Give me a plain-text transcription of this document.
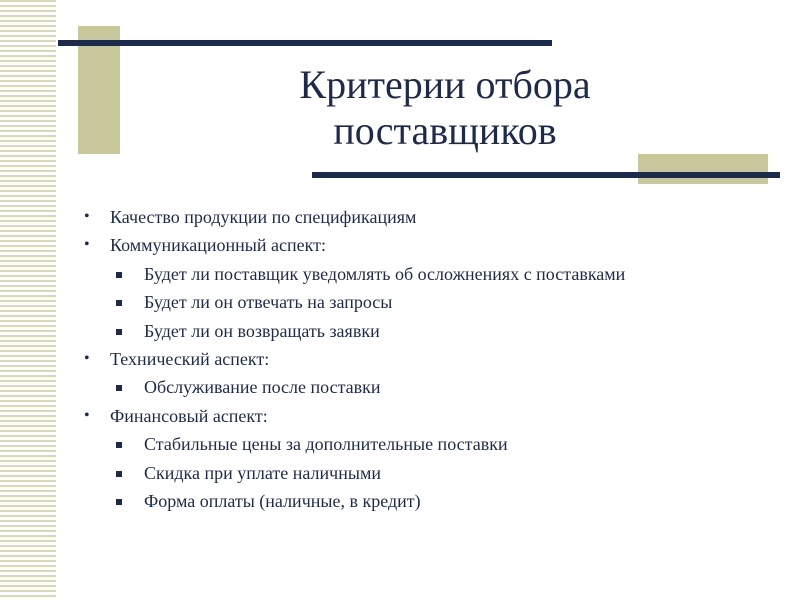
Критерии отбора
поставщиков
• Качество продукции по спецификациям
• Коммуникационный аспект:
Будет ли поставщик уведомлять об осложнениях с поставками
Будет ли он отвечать на запросы
Будет ли он возвращать заявки
• Технический аспект:
Обслуживание после поставки
• Финансовый аспект:
Стабильные цены за дополнительные поставки
Скидка при уплате наличными
Форма оплаты (наличные, в кредит)
